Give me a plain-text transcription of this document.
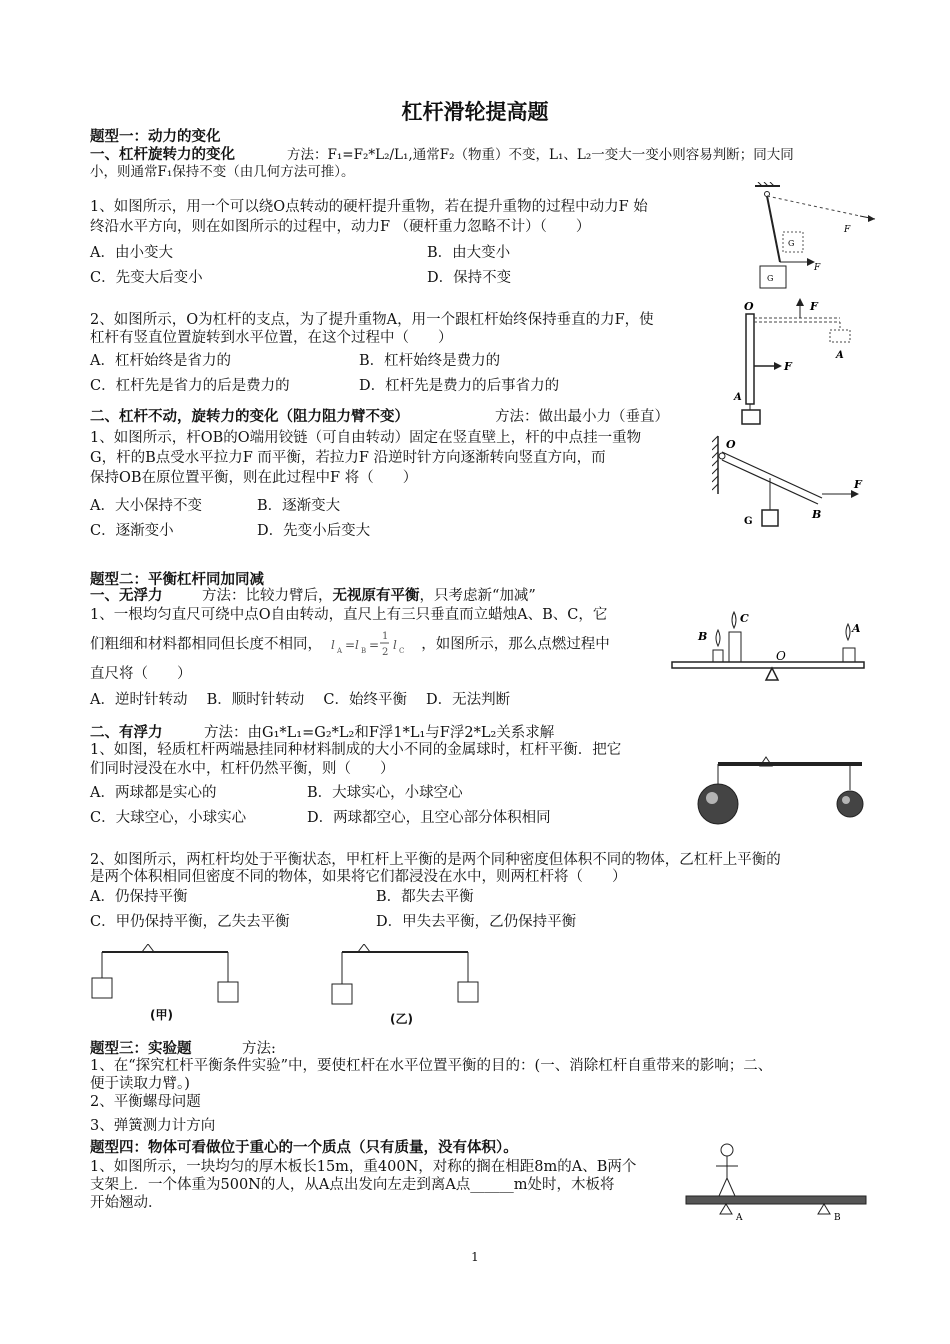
杠杆滑轮提高题
题型一：动力的变化
一、杠杆旋转力的变化	方法：F₁=F₂*L₂/L₁,通常F₂（物重）不变，L₁、L₂一变大一变小则容易判断；同大同
小，则通常F₁保持不变（由几何方法可推）。
1、如图所示，用一个可以绕O点转动的硬杆提升重物，若在提升重物的过程中动力F 始
终沿水平方向，则在如图所示的过程中，动力F （硬杆重力忽略不计）（　　）
A．由小变大	B．由大变小
C．先变大后变小	D．保持不变
F
G
F
G
2、如图所示，O为杠杆的支点，为了提升重物A，用一个跟杠杆始终保持垂直的力F，使
杠杆有竖直位置旋转到水平位置，在这个过程中（　　）
A．杠杆始终是省力的	B．杠杆始终是费力的
C．杠杆先是省力的后是费力的	D．杠杆先是费力的后事省力的
O	F
A
F
A
二、杠杆不动，旋转力的变化（阻力阻力臂不变）	方法：做出最小力（垂直）
1、如图所示，杆OB的O端用铰链（可自由转动）固定在竖直壁上，杆的中点挂一重物
G，杆的B点受水平拉力F 而平衡，若拉力F 沿逆时针方向逐渐转向竖直方向，而
保持OB在原位置平衡，则在此过程中F 将（　　）
A．大小保持不变	B．逐渐变大
C．逐渐变小	D．先变小后变大
O
G
F
B
题型二：平衡杠杆同加同减
一、无浮力	方法：比较力臂后，无视原有平衡，只考虑新“加减”
1、一根均匀直尺可绕中点O自由转动，直尺上有三只垂直而立蜡烛A、B、C，它
们粗细和材料都相同但长度不相同， l A = l B =
1
2
l C ，如图所示，那么点燃过程中
直尺将（　　）
A．逆时针转动　 B．顺时针转动　 C．始终平衡　 D．无法判断
B
C
A
O
二、有浮力	方法：由G₁*L₁=G₂*L₂和F浮1*L₁与F浮2*L₂关系求解
1、如图，轻质杠杆两端悬挂同种材料制成的大小不同的金属球时，杠杆平衡．把它
们同时浸没在水中，杠杆仍然平衡，则（　　）
A．两球都是实心的	B．大球实心，小球空心
C．大球空心，小球实心	D．两球都空心，且空心部分体积相同
2、如图所示，两杠杆均处于平衡状态，甲杠杆上平衡的是两个同种密度但体积不同的物体，乙杠杆上平衡的
是两个体积相同但密度不同的物体，如果将它们都浸没在水中，则两杠杆将（　　）
A．仍保持平衡	B．都失去平衡
C．甲仍保持平衡，乙失去平衡	D．甲失去平衡，乙仍保持平衡
(甲)	(乙)
题型三：实验题	方法:
1、在“探究杠杆平衡条件实验”中，要使杠杆在水平位置平衡的目的：(一、消除杠杆自重带来的影响；二、
便于读取力臂。)
2、平衡螺母问题
3、弹簧测力计方向
题型四：物体可看做位于重心的一个质点（只有质量，没有体积）。
1、如图所示，一块均匀的厚木板长15m，重400N，对称的搁在相距8m的A、B两个
支架上．一个体重为500N的人，从A点出发向左走到离A点______m处时，木板将
开始翘动．
A	B
1
